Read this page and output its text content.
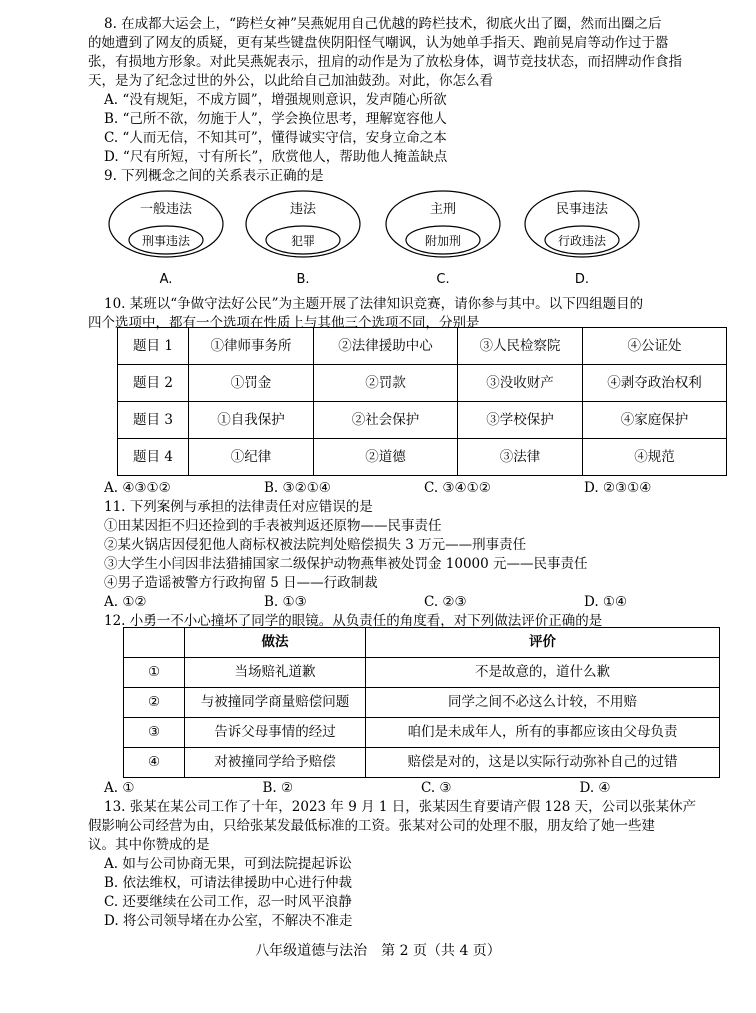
8. 在成都大运会上，“跨栏女神”吴燕妮用自己优越的跨栏技术，彻底火出了圈，然而出圈之后
的她遭到了网友的质疑，更有某些键盘侠阴阳怪气嘲讽，认为她单手指天、跑前晃肩等动作过于嚣
张，有损地方形象。对此吴燕妮表示，扭肩的动作是为了放松身体，调节竞技状态，而招牌动作食指
天，是为了纪念过世的外公，以此给自己加油鼓劲。对此，你怎么看
A. “没有规矩，不成方圆”，增强规则意识，发声随心所欲
B. “己所不欲，勿施于人”，学会换位思考，理解宽容他人
C. “人而无信，不知其可”，懂得诚实守信，安身立命之本
D. “尺有所短，寸有所长”，欣赏他人，帮助他人掩盖缺点
9. 下列概念之间的关系表示正确的是
一般违法
刑事违法
A.
违法
犯罪
B.
主刑
附加刑
C.
民事违法
行政违法
D.
10. 某班以“争做守法好公民”为主题开展了法律知识竞赛，请你参与其中。以下四组题目的
四个选项中，都有一个选项在性质上与其他三个选项不同，分别是
题目 1	①律师事务所	②法律援助中心	③人民检察院	④公证处
题目 2	①罚金	②罚款	③没收财产	④剥夺政治权利
题目 3	①自我保护	②社会保护	③学校保护	④家庭保护
题目 4	①纪律	②道德	③法律	④规范
A. ④③①②	B. ③②①④	C. ③④①②	D. ②③①④
11. 下列案例与承担的法律责任对应错误的是
①田某因拒不归还捡到的手表被判返还原物——民事责任
②某火锅店因侵犯他人商标权被法院判处赔偿损失 3 万元——刑事责任
③大学生小闫因非法猎捕国家二级保护动物燕隼被处罚金 10000 元——民事责任
④男子造谣被警方行政拘留 5 日——行政制裁
A. ①②	B. ①③	C. ②③	D. ①④
12. 小勇一不小心撞坏了同学的眼镜。从负责任的角度看，对下列做法评价正确的是
	做法	评价
①	当场赔礼道歉	不是故意的，道什么歉
②	与被撞同学商量赔偿问题	同学之间不必这么计较，不用赔
③	告诉父母事情的经过	咱们是未成年人，所有的事都应该由父母负责
④	对被撞同学给予赔偿	赔偿是对的，这是以实际行动弥补自己的过错
A. ①	B. ②	C. ③	D. ④
13. 张某在某公司工作了十年，2023 年 9 月 1 日，张某因生育要请产假 128 天，公司以张某休产
假影响公司经营为由，只给张某发最低标准的工资。张某对公司的处理不服，朋友给了她一些建
议。其中你赞成的是
A. 如与公司协商无果，可到法院提起诉讼
B. 依法维权，可请法律援助中心进行仲裁
C. 还要继续在公司工作，忍一时风平浪静
D. 将公司领导堵在办公室，不解决不准走
八年级道德与法治　第 2 页（共 4 页）
